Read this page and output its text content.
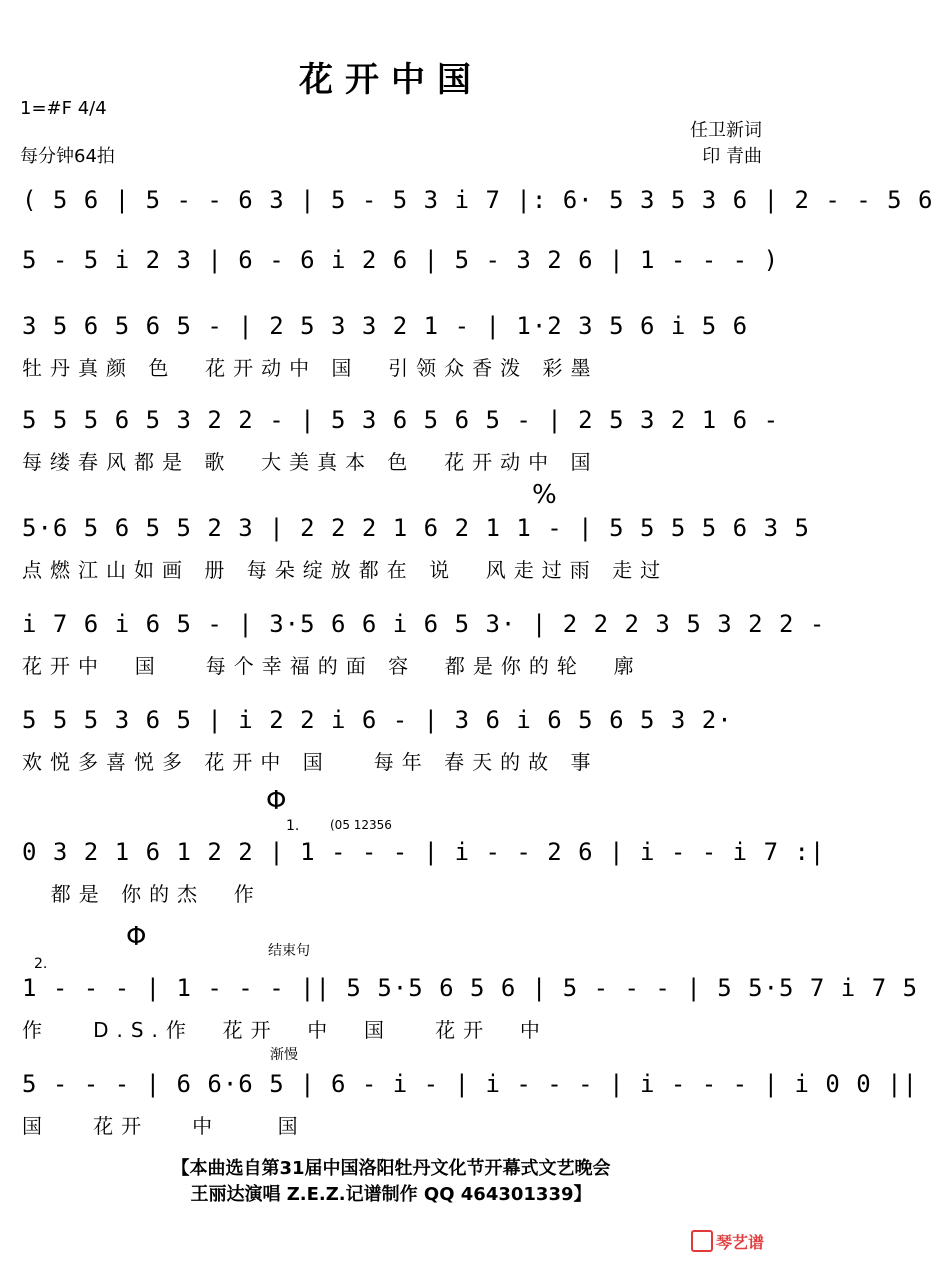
花开中国
1=#F 4/4
每分钟64拍
任卫新词
印 青曲
( 5 6 | 5 - - 6 3 | 5 - 5 3 i 7 |: 6· 5 3 5 3 6 | 2 - - 5 6
5 - 5 i 2 3 | 6 - 6 i 2 6 | 5 - 3 2 6 | 1 - - - )
3 5 6 5 6 5 - | 2 5 3 3 2 1 - | 1·2 3 5 6 i 5 6
牡丹真颜 色  花开动中 国  引领众香泼 彩墨
5 5 5 6 5 3 2 2 - | 5 3 6 5 6 5 - | 2 5 3 2 1 6 -
每缕春风都是 歌  大美真本 色  花开动中 国
%
5·6 5 6 5 5 2 3 | 2 2 2 1 6 2 1 1 - | 5 5 5 5 6 3 5
点燃江山如画 册 每朵绽放都在 说  风走过雨 走过
i 7 6 i 6 5 - | 3·5 6 6 i 6 5 3· | 2 2 2 3 5 3 2 2 -
花开中  国   每个幸福的面 容  都是你的轮  廓
5 5 5 3 6 5 | i 2 2 i 6 - | 3 6 i 6 5 6 5 3 2·
欢悦多喜悦多 花开中 国   每年 春天的故 事
Φ
1.	(05 12356
0 3 2 1 6 1 2 2 | 1 - - - | i - - 2 6 | i - - i 7 :|
都是 你的杰  作
Φ
2.
结束句
1 - - - | 1 - - - || 5 5·5 6 5 6 | 5 - - - | 5 5·5 7 i 7 5
作   D.S.作  花开  中  国   花开  中
渐慢
5 - - - | 6 6·6 5 | 6 - i - | i - - - | i - - - | i 0 0 ||
国   花开   中    国
【本曲选自第31届中国洛阳牡丹文化节开幕式文艺晚会
王丽达演唱 Z.E.Z.记谱制作 QQ 464301339】
琴艺谱
